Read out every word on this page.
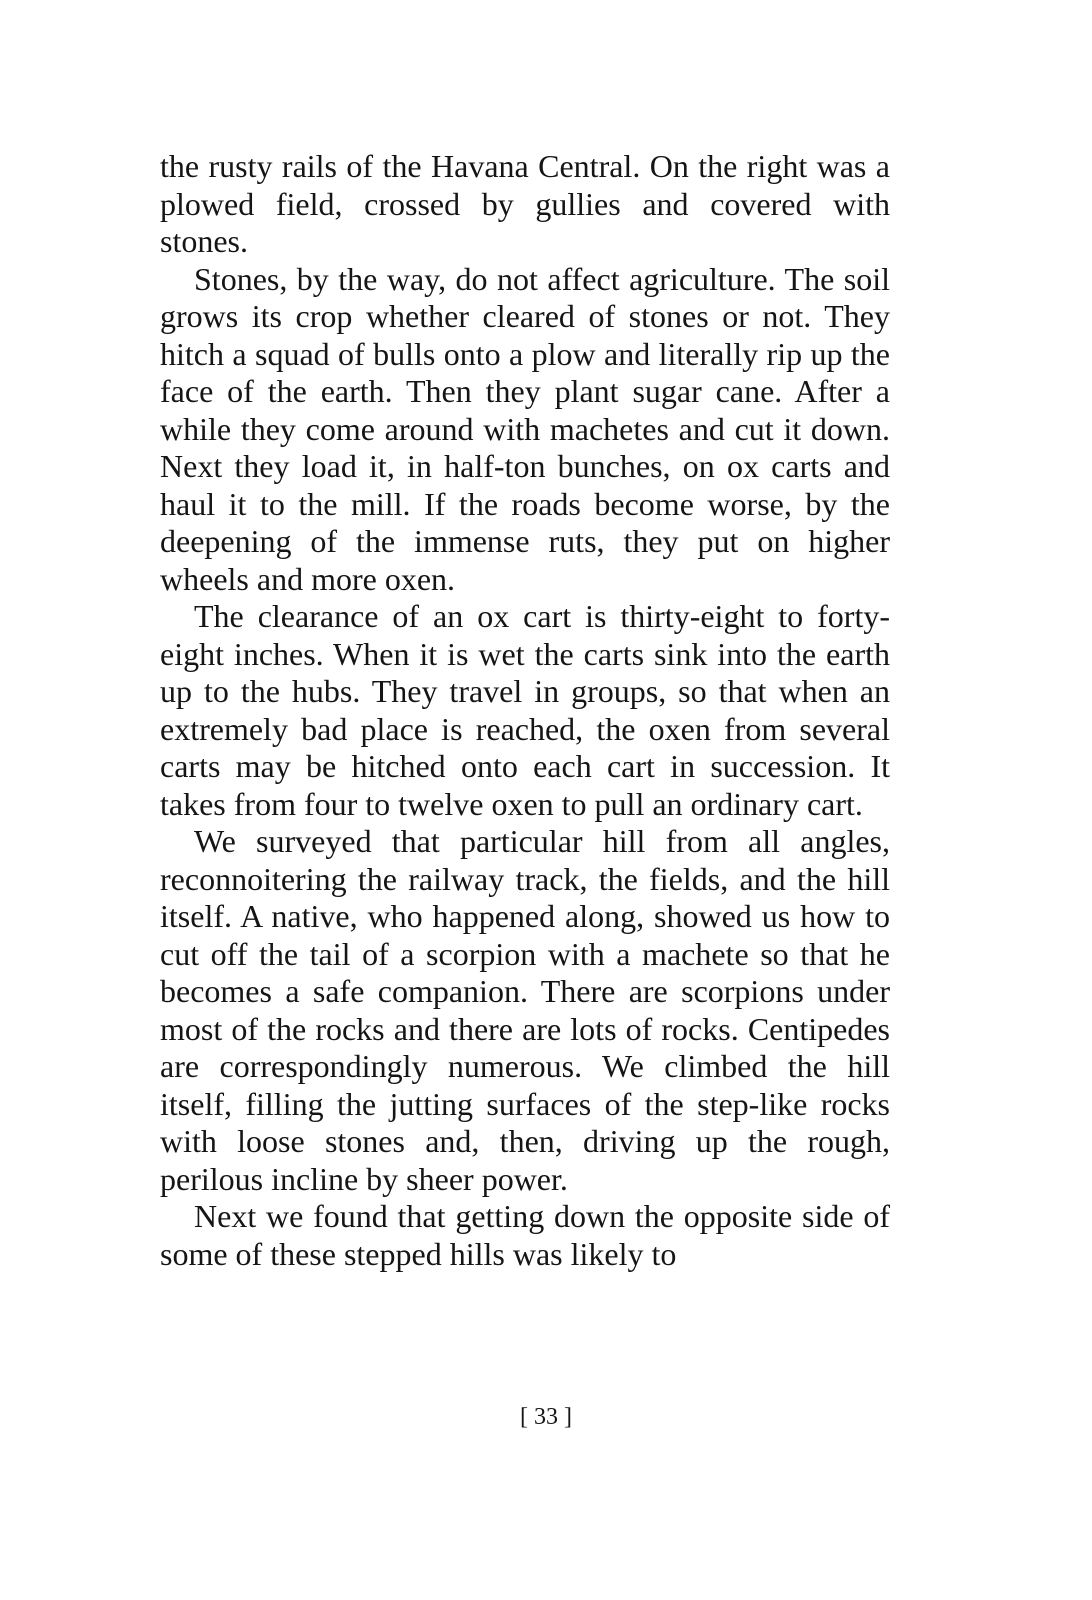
the rusty rails of the Havana Central. On the right was a plowed field, crossed by gullies and covered with stones.

Stones, by the way, do not affect agriculture. The soil grows its crop whether cleared of stones or not. They hitch a squad of bulls onto a plow and literally rip up the face of the earth. Then they plant sugar cane. After a while they come around with machetes and cut it down. Next they load it, in half-ton bunches, on ox carts and haul it to the mill. If the roads become worse, by the deepening of the immense ruts, they put on higher wheels and more oxen.

The clearance of an ox cart is thirty-eight to forty-eight inches. When it is wet the carts sink into the earth up to the hubs. They travel in groups, so that when an extremely bad place is reached, the oxen from several carts may be hitched onto each cart in succession. It takes from four to twelve oxen to pull an ordinary cart.

We surveyed that particular hill from all angles, reconnoitering the railway track, the fields, and the hill itself. A native, who happened along, showed us how to cut off the tail of a scorpion with a machete so that he becomes a safe companion. There are scorpions under most of the rocks and there are lots of rocks. Centipedes are correspondingly numerous. We climbed the hill itself, filling the jutting surfaces of the step-like rocks with loose stones and, then, driving up the rough, perilous incline by sheer power.

Next we found that getting down the opposite side of some of these stepped hills was likely to

[ 33 ]
